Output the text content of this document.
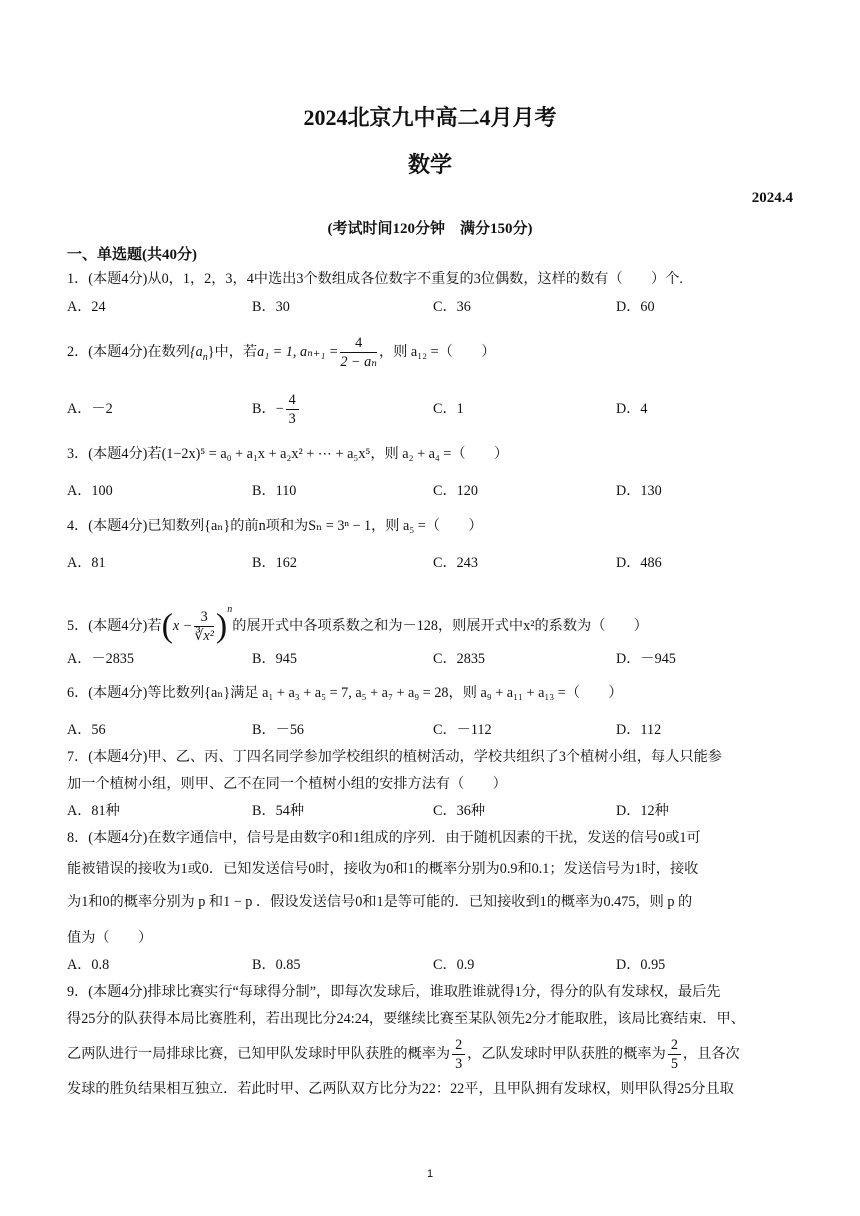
2024北京九中高二4月月考
数学
2024.4
(考试时间120分钟　满分150分)
一、单选题(共40分)
1．(本题4分)从0，1，2，3，4中选出3个数组成各位数字不重复的3位偶数，这样的数有（　　）个.
A．24	B．30	C．36	D．60
2．(本题4分)在数列$\{a_n\}$中，若a₁ = 1, $a_{n+1} = \frac{4}{\text{2 − aₙ}}$ ，则 a₁₂ =（　　）
A．－2	B．− $\frac{4}{3}$	C．1	D．4
3．(本题4分)若(1−2x)⁵ = a₀ + a₁x + a₂x² + ⋯ + a₅x⁵，则 a₂ + a₄ =（　　）
A．100	B．110	C．120	D．130
4．(本题4分)已知数列{aₙ}的前n项和为Sₙ = 3ⁿ − 1，则 a₅ =（　　）
A．81	B．162	C．243	D．486
5．(本题4分)若$(x - \frac{3}{\text{∛x²}} )^n$的展开式中各项系数之和为－128，则展开式中x²的系数为（　　）
A．－2835	B．945	C．2835	D．－945
6．(本题4分)等比数列{aₙ}满足 a₁ + a₃ + a₅ = 7, a₅ + a₇ + a₉ = 28，则 a₉ + a₁₁ + a₁₃ =（　　）
A．56	B．－56	C．－112	D．112
7．(本题4分)甲、乙、丙、丁四名同学参加学校组织的植树活动，学校共组织了3个植树小组，每人只能参
加一个植树小组，则甲、乙不在同一个植树小组的安排方法有（　　）
A．81种	B．54种	C．36种	D．12种
8．(本题4分)在数字通信中，信号是由数字0和1组成的序列．由于随机因素的干扰，发送的信号0或1可
能被错误的接收为1或0．已知发送信号0时，接收为0和1的概率分别为0.9和0.1；发送信号为1时，接收
为1和0的概率分别为 p 和1 − p ．假设发送信号0和1是等可能的．已知接收到1的概率为0.475，则 p 的
值为（　　）
A．0.8	B．0.85	C．0.9	D．0.95
9．(本题4分)排球比赛实行“每球得分制”，即每次发球后，谁取胜谁就得1分，得分的队有发球权，最后先
得25分的队获得本局比赛胜利，若出现比分24:24，要继续比赛至某队领先2分才能取胜，该局比赛结束．甲、
乙两队进行一局排球比赛，已知甲队发球时甲队获胜的概率为 $\frac{2}{3}$ ，乙队发球时甲队获胜的概率为 $\frac{2}{5}$ ，且各次
发球的胜负结果相互独立．若此时甲、乙两队双方比分为22：22平，且甲队拥有发球权，则甲队得25分且取
1
